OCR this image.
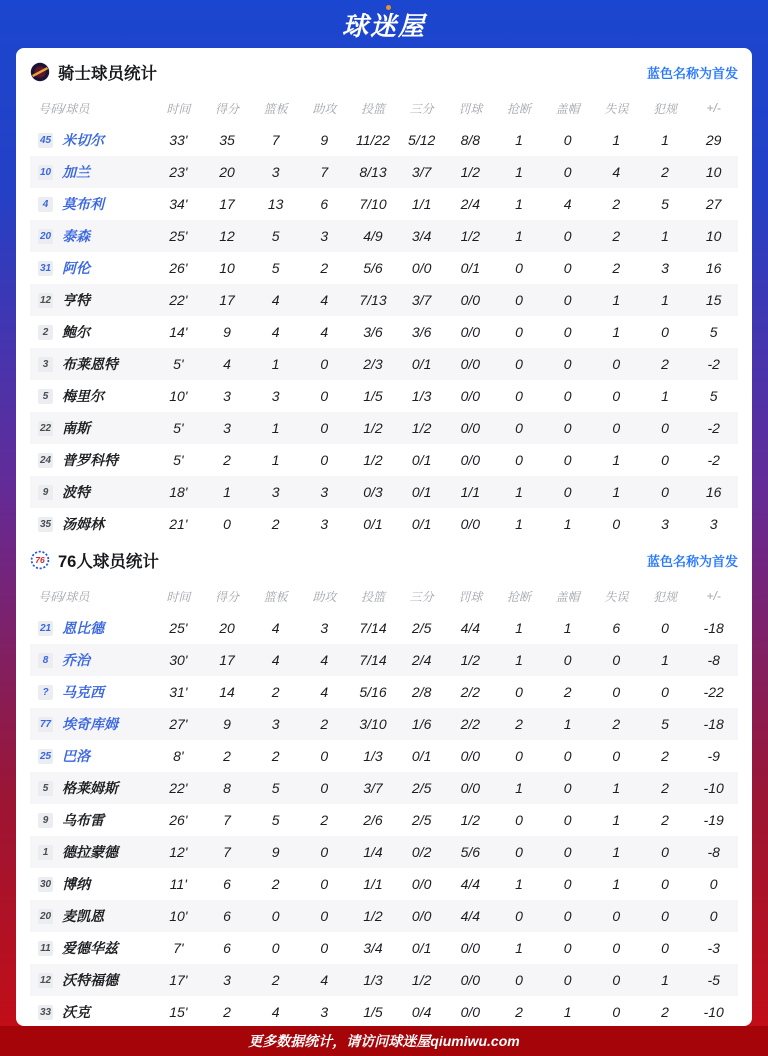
球迷屋
骑士球员统计	蓝色名称为首发
号码/球员	时间	得分	篮板	助攻	投篮	三分	罚球	抢断	盖帽	失误	犯规	+/-
45 米切尔	33'	35	7	9	11/22	5/12	8/8	1	0	1	1	29
10 加兰	23'	20	3	7	8/13	3/7	1/2	1	0	4	2	10
4 莫布利	34'	17	13	6	7/10	1/1	2/4	1	4	2	5	27
20 泰森	25'	12	5	3	4/9	3/4	1/2	1	0	2	1	10
31 阿伦	26'	10	5	2	5/6	0/0	0/1	0	0	2	3	16
12 亨特	22'	17	4	4	7/13	3/7	0/0	0	0	1	1	15
2 鲍尔	14'	9	4	4	3/6	3/6	0/0	0	0	1	0	5
3 布莱恩特	5'	4	1	0	2/3	0/1	0/0	0	0	0	2	-2
5 梅里尔	10'	3	3	0	1/5	1/3	0/0	0	0	0	1	5
22 南斯	5'	3	1	0	1/2	1/2	0/0	0	0	0	0	-2
24 普罗科特	5'	2	1	0	1/2	0/1	0/0	0	0	1	0	-2
9 波特	18'	1	3	3	0/3	0/1	1/1	1	0	1	0	16
35 汤姆林	21'	0	2	3	0/1	0/1	0/0	1	1	0	3	3
76 76人球员统计	蓝色名称为首发
号码/球员	时间	得分	篮板	助攻	投篮	三分	罚球	抢断	盖帽	失误	犯规	+/-
21 恩比德	25'	20	4	3	7/14	2/5	4/4	1	1	6	0	-18
8 乔治	30'	17	4	4	7/14	2/4	1/2	1	0	0	1	-8
? 马克西	31'	14	2	4	5/16	2/8	2/2	0	2	0	0	-22
77 埃奇库姆	27'	9	3	2	3/10	1/6	2/2	2	1	2	5	-18
25 巴洛	8'	2	2	0	1/3	0/1	0/0	0	0	0	2	-9
5 格莱姆斯	22'	8	5	0	3/7	2/5	0/0	1	0	1	2	-10
9 乌布雷	26'	7	5	2	2/6	2/5	1/2	0	0	1	2	-19
1 德拉蒙德	12'	7	9	0	1/4	0/2	5/6	0	0	1	0	-8
30 博纳	11'	6	2	0	1/1	0/0	4/4	1	0	1	0	0
20 麦凯恩	10'	6	0	0	1/2	0/0	4/4	0	0	0	0	0
11 爱德华兹	7'	6	0	0	3/4	0/1	0/0	1	0	0	0	-3
12 沃特福德	17'	3	2	4	1/3	1/2	0/0	0	0	0	1	-5
33 沃克	15'	2	4	3	1/5	0/4	0/0	2	1	0	2	-10
更多数据统计，请访问球迷屋qiumiwu.com
